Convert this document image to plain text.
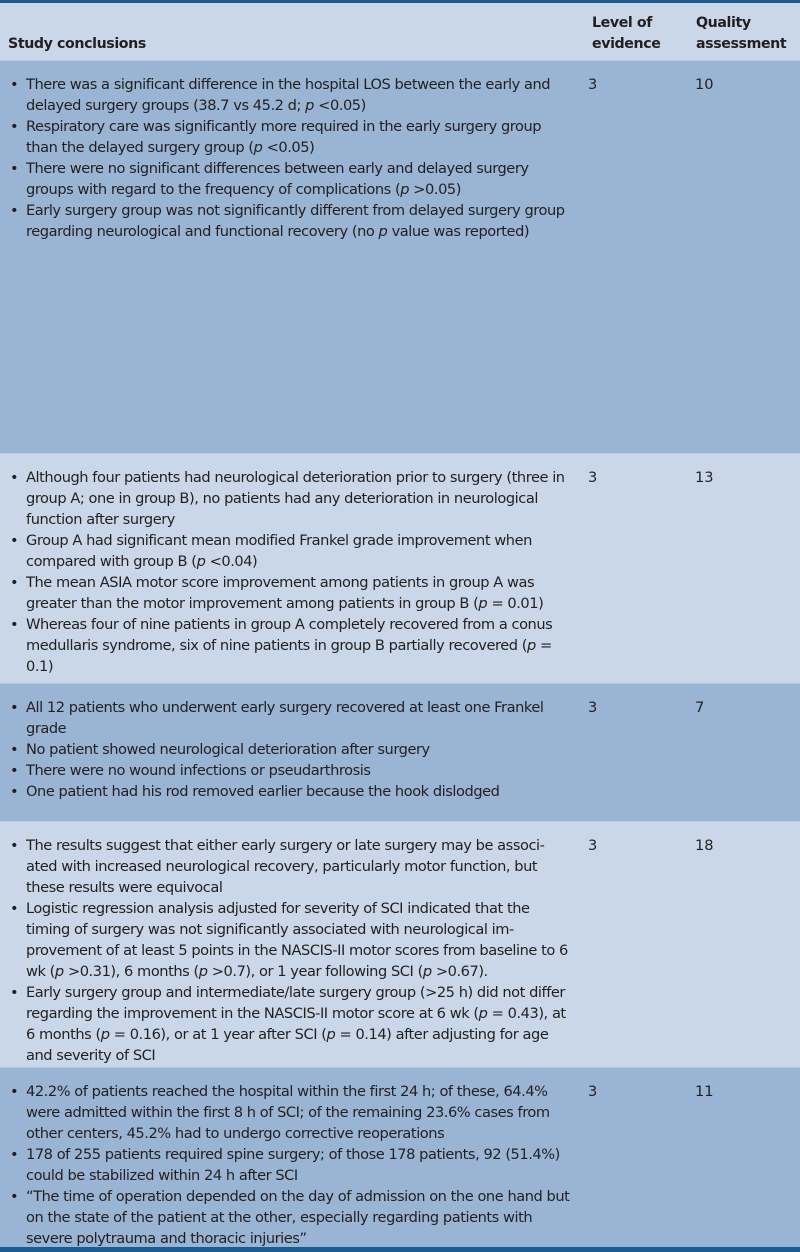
Study conclusions
Level of evidence
Quality assessment
• There was a significant difference in the hospital LOS between the early and delayed surgery groups (38.7 vs 45.2 d; p <0.05)
• Respiratory care was significantly more required in the early surgery group than the delayed surgery group (p <0.05)
• There were no significant differences between early and delayed surgery groups with regard to the frequency of complications (p >0.05)
• Early surgery group was not significantly different from delayed surgery group regarding neurological and functional recovery (no p value was reported)
3	10
• Although four patients had neurological deterioration prior to surgery (three in group A; one in group B), no patients had any deterioration in neurological function after surgery
• Group A had significant mean modified Frankel grade improvement when compared with group B (p <0.04)
• The mean ASIA motor score improvement among patients in group A was greater than the motor improvement among patients in group B (p = 0.01)
• Whereas four of nine patients in group A completely recovered from a conus medullaris syndrome, six of nine patients in group B partially recovered (p = 0.1)
3	13
• All 12 patients who underwent early surgery recovered at least one Frankel grade
• No patient showed neurological deterioration after surgery
• There were no wound infections or pseudarthrosis
• One patient had his rod removed earlier because the hook dislodged
3	7
• The results suggest that either early surgery or late surgery may be associated with increased neurological recovery, particularly motor function, but these results were equivocal
• Logistic regression analysis adjusted for severity of SCI indicated that the timing of surgery was not significantly associated with neurological improvement of at least 5 points in the NASCIS-II motor scores from baseline to 6 wk (p >0.31), 6 months (p >0.7), or 1 year following SCI (p >0.67).
• Early surgery group and intermediate/late surgery group (>25 h) did not differ regarding the improvement in the NASCIS-II motor score at 6 wk (p = 0.43), at 6 months (p = 0.16), or at 1 year after SCI (p = 0.14) after adjusting for age and severity of SCI
3	18
• 42.2% of patients reached the hospital within the first 24 h; of these, 64.4% were admitted within the first 8 h of SCI; of the remaining 23.6% cases from other centers, 45.2% had to undergo corrective reoperations
• 178 of 255 patients required spine surgery; of those 178 patients, 92 (51.4%) could be stabilized within 24 h after SCI
• “The time of operation depended on the day of admission on the one hand but on the state of the patient at the other, especially regarding patients with severe polytrauma and thoracic injuries”
3	11
